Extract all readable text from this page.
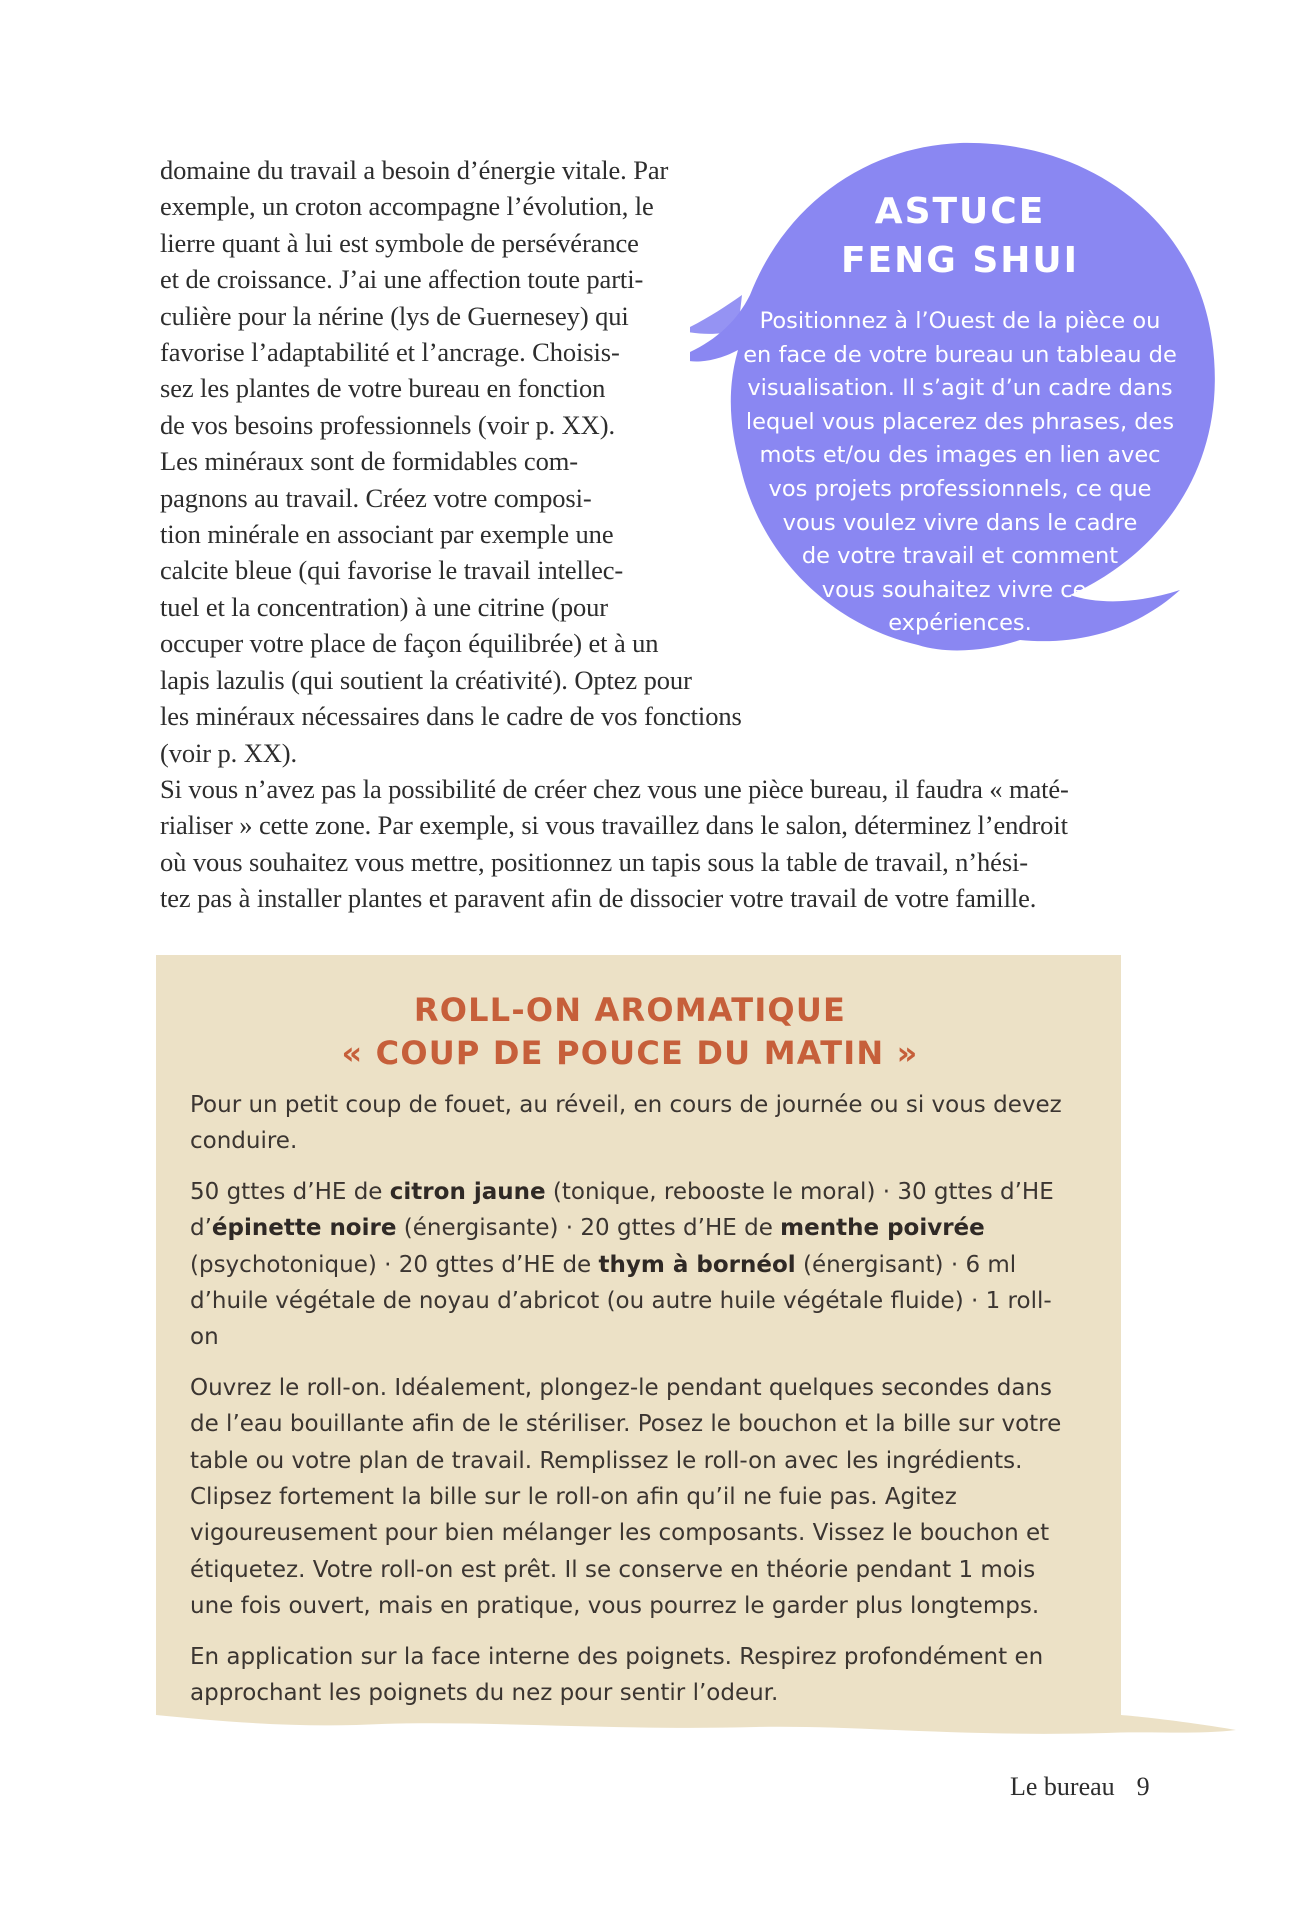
domaine du travail a besoin d’énergie vitale. Par
exemple, un croton accompagne l’évolution, le
lierre quant à lui est symbole de persévérance
et de croissance. J’ai une affection toute parti-
culière pour la nérine (lys de Guernesey) qui
favorise l’adaptabilité et l’ancrage. Choisis-
sez les plantes de votre bureau en fonction
de vos besoins professionnels (voir p. XX).
Les minéraux sont de formidables com-
pagnons au travail. Créez votre composi-
tion minérale en associant par exemple une
calcite bleue (qui favorise le travail intellec-
tuel et la concentration) à une citrine (pour
occuper votre place de façon équilibrée) et à un
lapis lazulis (qui soutient la créativité). Optez pour
les minéraux nécessaires dans le cadre de vos fonctions
(voir p. XX).
Si vous n’avez pas la possibilité de créer chez vous une pièce bureau, il faudra « maté-
rialiser » cette zone. Par exemple, si vous travaillez dans le salon, déterminez l’endroit
où vous souhaitez vous mettre, positionnez un tapis sous la table de travail, n’hési-
tez pas à installer plantes et paravent afin de dissocier votre travail de votre famille.
ASTUCE
FENG SHUI
Positionnez à l’Ouest de la pièce ou
en face de votre bureau un tableau de
visualisation. Il s’agit d’un cadre dans
lequel vous placerez des phrases, des
mots et/ou des images en lien avec
vos projets professionnels, ce que
vous voulez vivre dans le cadre
de votre travail et comment
vous souhaitez vivre ces
expériences.
ROLL-ON AROMATIQUE
« COUP DE POUCE DU MATIN »

Pour un petit coup de fouet, au réveil, en cours de journée ou si vous devez conduire.

50 gttes d’HE de citron jaune (tonique, rebooste le moral) · 30 gttes d’HE d’épinette noire (énergisante) · 20 gttes d’HE de menthe poivrée (psychotonique) · 20 gttes d’HE de thym à bornéol (énergisant) · 6 ml d’huile végétale de noyau d’abricot (ou autre huile végétale fluide) · 1 roll-on

Ouvrez le roll-on. Idéalement, plongez-le pendant quelques secondes dans de l’eau bouillante afin de le stériliser. Posez le bouchon et la bille sur votre table ou votre plan de travail. Remplissez le roll-on avec les ingrédients. Clipsez fortement la bille sur le roll-on afin qu’il ne fuie pas. Agitez vigoureusement pour bien mélanger les composants. Vissez le bouchon et étiquetez. Votre roll-on est prêt. Il se conserve en théorie pendant 1 mois une fois ouvert, mais en pratique, vous pourrez le garder plus longtemps.

En application sur la face interne des poignets. Respirez profondément en approchant les poignets du nez pour sentir l’odeur.

Le bureau 9
